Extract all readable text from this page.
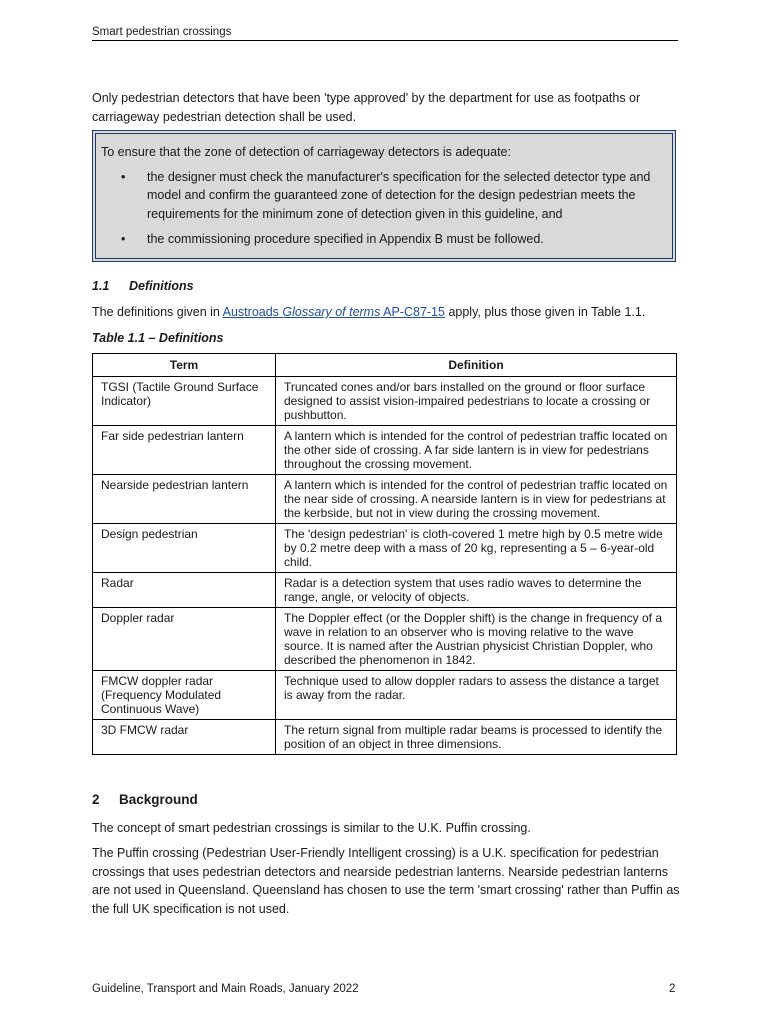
Smart pedestrian crossings

Only pedestrian detectors that have been 'type approved' by the department for use as footpaths or carriageway pedestrian detection shall be used.

To ensure that the zone of detection of carriageway detectors is adequate:

• the designer must check the manufacturer's specification for the selected detector type and model and confirm the guaranteed zone of detection for the design pedestrian meets the requirements for the minimum zone of detection given in this guideline, and
• the commissioning procedure specified in Appendix B must be followed.
1.1 Definitions
The definitions given in Austroads Glossary of terms AP-C87-15 apply, plus those given in Table 1.1.
Table 1.1 – Definitions
Term	Definition
TGSI (Tactile Ground Surface Indicator)	Truncated cones and/or bars installed on the ground or floor surface designed to assist vision-impaired pedestrians to locate a crossing or pushbutton.
Far side pedestrian lantern	A lantern which is intended for the control of pedestrian traffic located on the other side of crossing. A far side lantern is in view for pedestrians throughout the crossing movement.
Nearside pedestrian lantern	A lantern which is intended for the control of pedestrian traffic located on the near side of crossing. A nearside lantern is in view for pedestrians at the kerbside, but not in view during the crossing movement.
Design pedestrian	The 'design pedestrian' is cloth-covered 1 metre high by 0.5 metre wide by 0.2 metre deep with a mass of 20 kg, representing a 5 – 6-year-old child.
Radar	Radar is a detection system that uses radio waves to determine the range, angle, or velocity of objects.
Doppler radar	The Doppler effect (or the Doppler shift) is the change in frequency of a wave in relation to an observer who is moving relative to the wave source. It is named after the Austrian physicist Christian Doppler, who described the phenomenon in 1842.
FMCW doppler radar (Frequency Modulated Continuous Wave)	Technique used to allow doppler radars to assess the distance a target is away from the radar.
3D FMCW radar	The return signal from multiple radar beams is processed to identify the position of an object in three dimensions.
2 Background

The concept of smart pedestrian crossings is similar to the U.K. Puffin crossing.

The Puffin crossing (Pedestrian User-Friendly Intelligent crossing) is a U.K. specification for pedestrian crossings that uses pedestrian detectors and nearside pedestrian lanterns. Nearside pedestrian lanterns are not used in Queensland. Queensland has chosen to use the term 'smart crossing' rather than Puffin as the full UK specification is not used.

Guideline, Transport and Main Roads, January 2022	2
